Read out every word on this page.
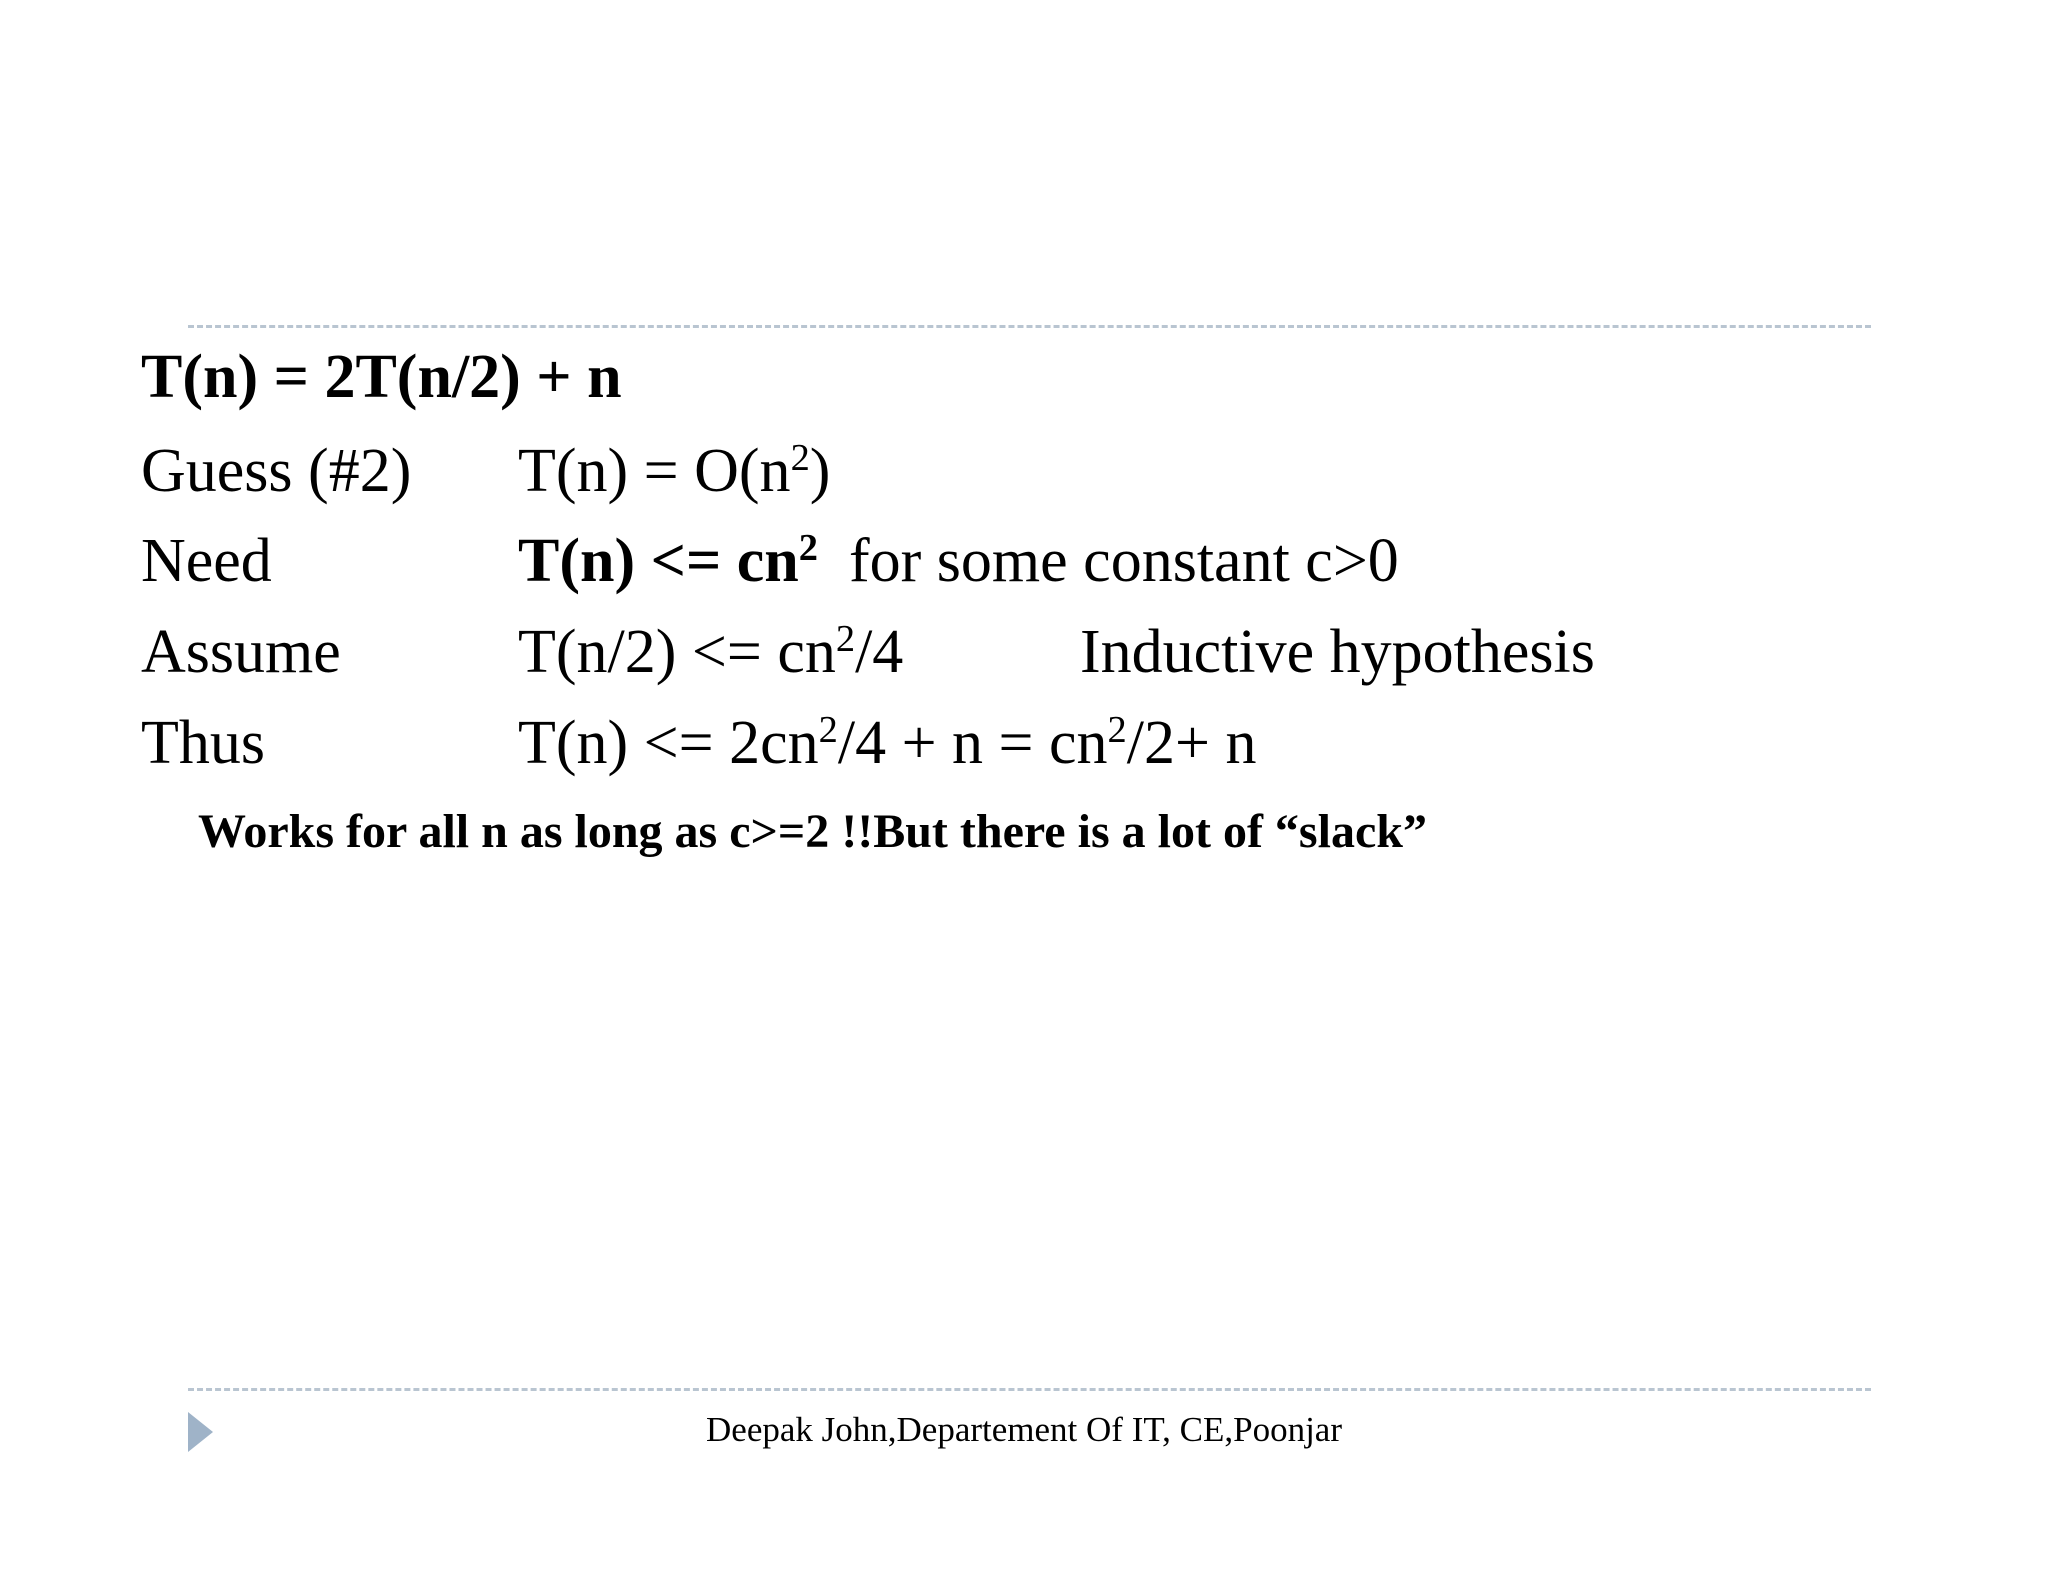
T(n) = 2T(n/2) + n
Guess (#2) $T(n) = O(n^2)$
Need	$T(n) <= cn^2$  for some constant c>0
Assume	$T(n/2) <= cn^2/4$	Inductive hypothesis
Thus	$T(n) <= 2cn^2/4 + n = cn^2/2+ n$
Works for all n as long as c>=2 !!But there is a lot of “slack”
Deepak John,Departement Of IT, CE,Poonjar
